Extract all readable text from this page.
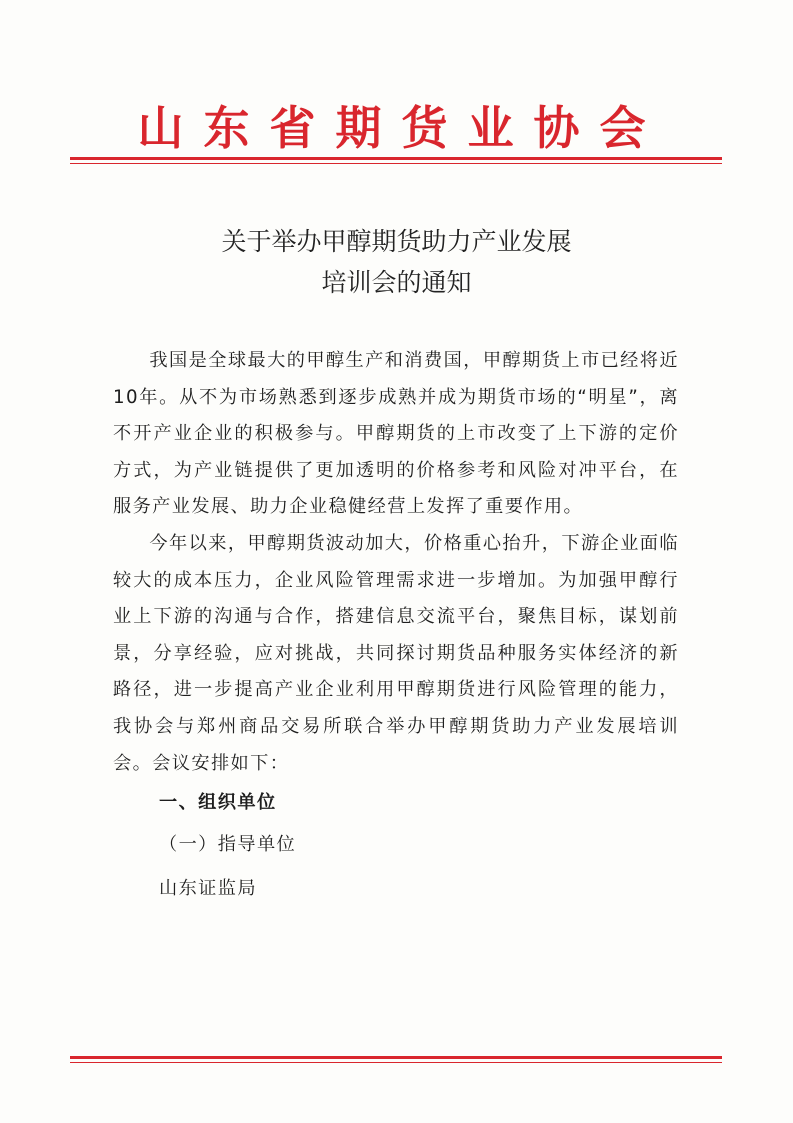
山东省期货业协会
关于举办甲醇期货助力产业发展
培训会的通知

我国是全球最大的甲醇生产和消费国，甲醇期货上市已经将近10年。从不为市场熟悉到逐步成熟并成为期货市场的“明星”，离不开产业企业的积极参与。甲醇期货的上市改变了上下游的定价方式，为产业链提供了更加透明的价格参考和风险对冲平台，在服务产业发展、助力企业稳健经营上发挥了重要作用。

今年以来，甲醇期货波动加大，价格重心抬升，下游企业面临较大的成本压力，企业风险管理需求进一步增加。为加强甲醇行业上下游的沟通与合作，搭建信息交流平台，聚焦目标，谋划前景，分享经验，应对挑战，共同探讨期货品种服务实体经济的新路径，进一步提高产业企业利用甲醇期货进行风险管理的能力，我协会与郑州商品交易所联合举办甲醇期货助力产业发展培训会。会议安排如下：

一、组织单位

（一）指导单位

山东证监局
